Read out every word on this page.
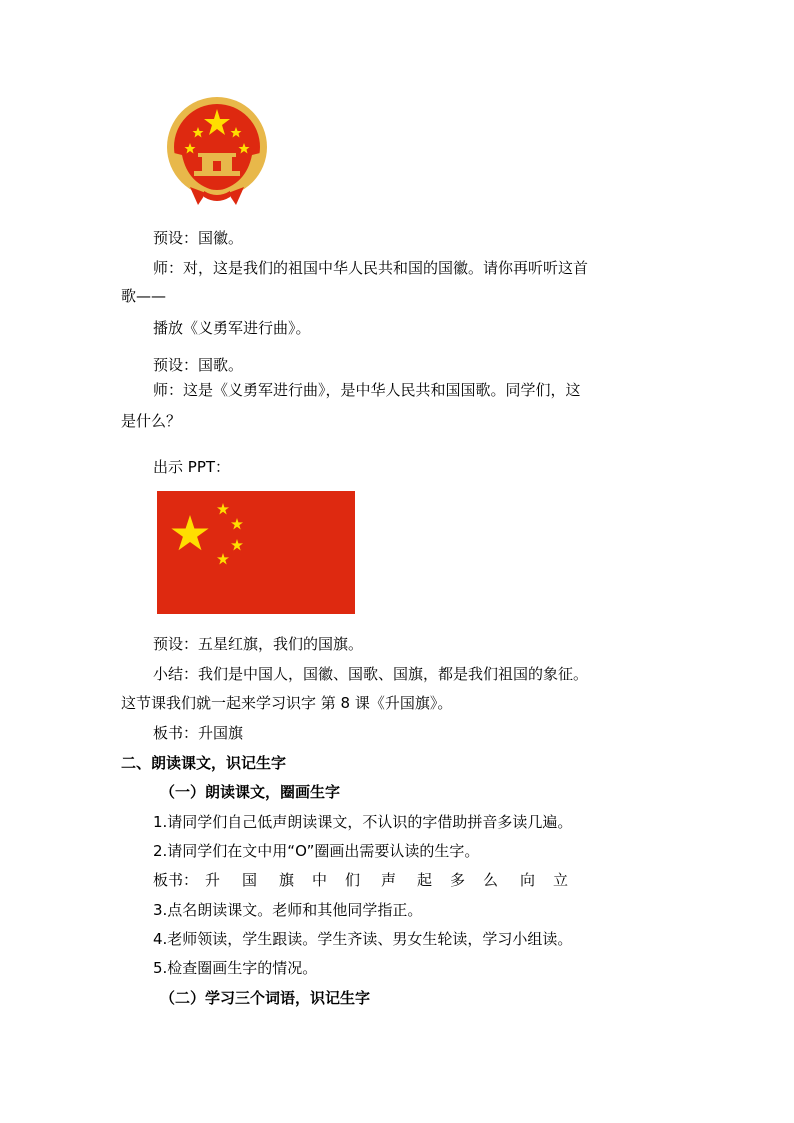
预设：国徽。
师：对，这是我们的祖国中华人民共和国的国徽。请你再听听这首
歌——
播放《义勇军进行曲》。
预设：国歌。
师：这是《义勇军进行曲》，是中华人民共和国国歌。同学们，这
是什么？
出示 PPT：
预设：五星红旗，我们的国旗。
小结：我们是中国人，国徽、国歌、国旗，都是我们祖国的象征。
这节课我们就一起来学习识字 第 8 课《升国旗》。
板书：升国旗
二、朗读课文，识记生字
（一）朗读课文，圈画生字
1.请同学们自己低声朗读课文，不认识的字借助拼音多读几遍。
2.请同学们在文中用“O”圈画出需要认读的生字。
板书： 升 国 旗 中 们 声 起 多 么 向 立
3.点名朗读课文。老师和其他同学指正。
4.老师领读，学生跟读。学生齐读、男女生轮读，学习小组读。
5.检查圈画生字的情况。
（二）学习三个词语，识记生字
